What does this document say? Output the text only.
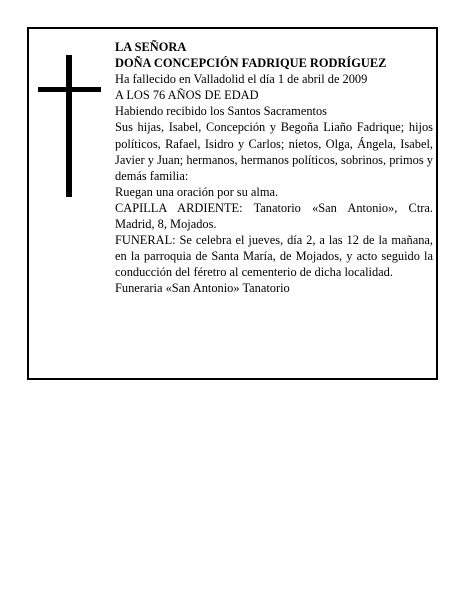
LA SEÑORA

DOÑA CONCEPCIÓN FADRIQUE RODRÍGUEZ

Ha fallecido en Valladolid el día 1 de abril de 2009

A LOS 76 AÑOS DE EDAD

Habiendo recibido los Santos Sacramentos

Sus hijas, Isabel, Concepción y Begoña Liaño Fadrique; hijos políticos, Rafael, Isidro y Carlos; nietos, Olga, Ángela, Isabel, Javier y Juan; hermanos, hermanos políticos, sobrinos, primos y demás familia:

Ruegan una oración por su alma.

CAPILLA ARDIENTE: Tanatorio «San Antonio», Ctra. Madrid, 8, Mojados.

FUNERAL: Se celebra el jueves, día 2, a las 12 de la mañana, en la parroquia de Santa María, de Mojados, y acto seguido la conducción del féretro al cementerio de dicha localidad.

Funeraria «San Antonio» Tanatorio
